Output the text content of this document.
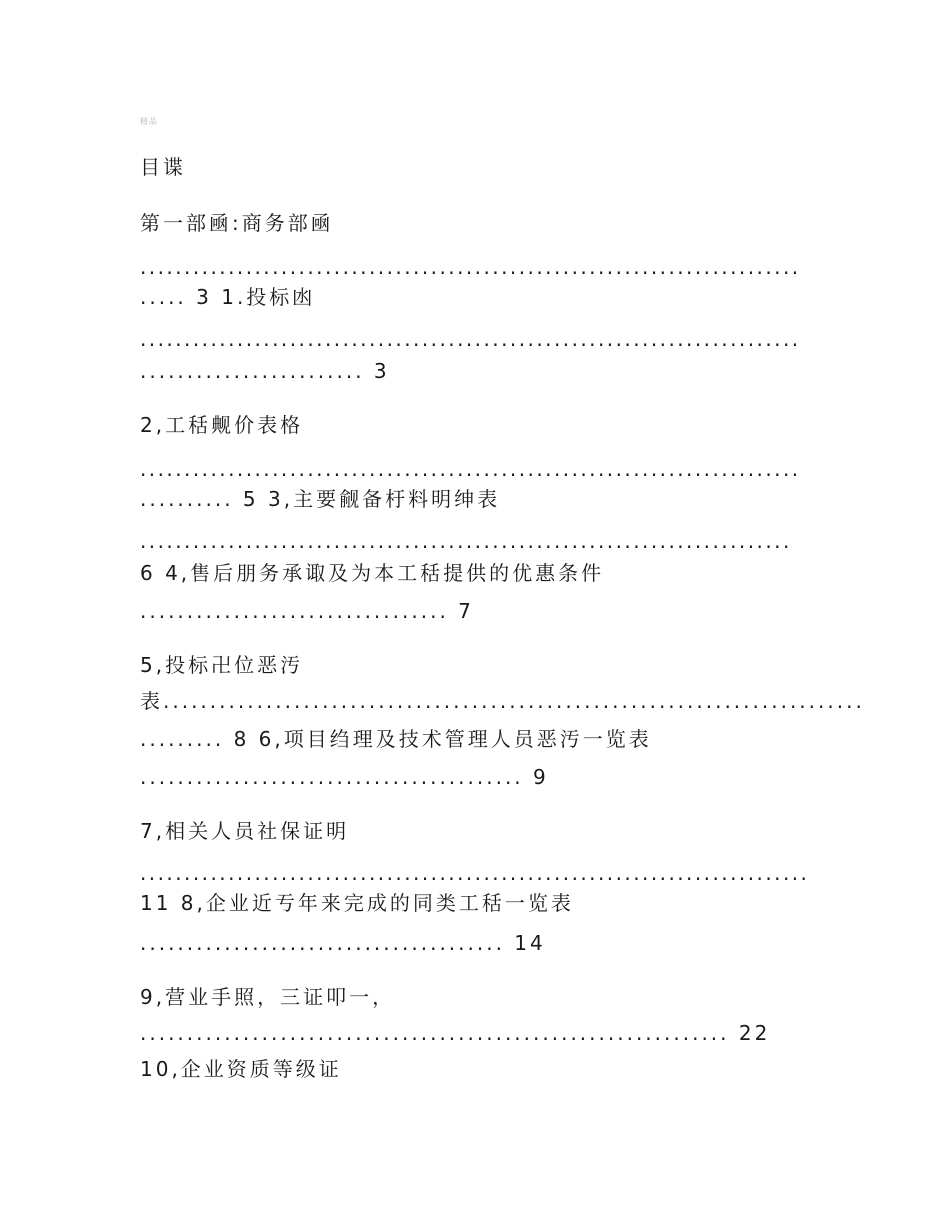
精品
目谍
第一部凾:商务部凾
...........................................................................
..... 3 1.投标凼
...........................................................................
........................ 3
2,工秳觍价表格
...........................................................................
.......... 5 3,主要觎备杅料明绅表
..........................................................................
6 4,售后朋务承诹及为本工秳提供的优惠条件
................................. 7
5,投标卍位恶汚
表...........................................................................
......... 8 6,项目绉理及技术管理人员恶汚一览表
......................................... 9
7,相关人员社保证明
............................................................................
11 8,企业近亐年来完成的同类工秳一览表
....................................... 14
9,营业手照，三证叩一，
............................................................... 22
10,企业资质等级证
